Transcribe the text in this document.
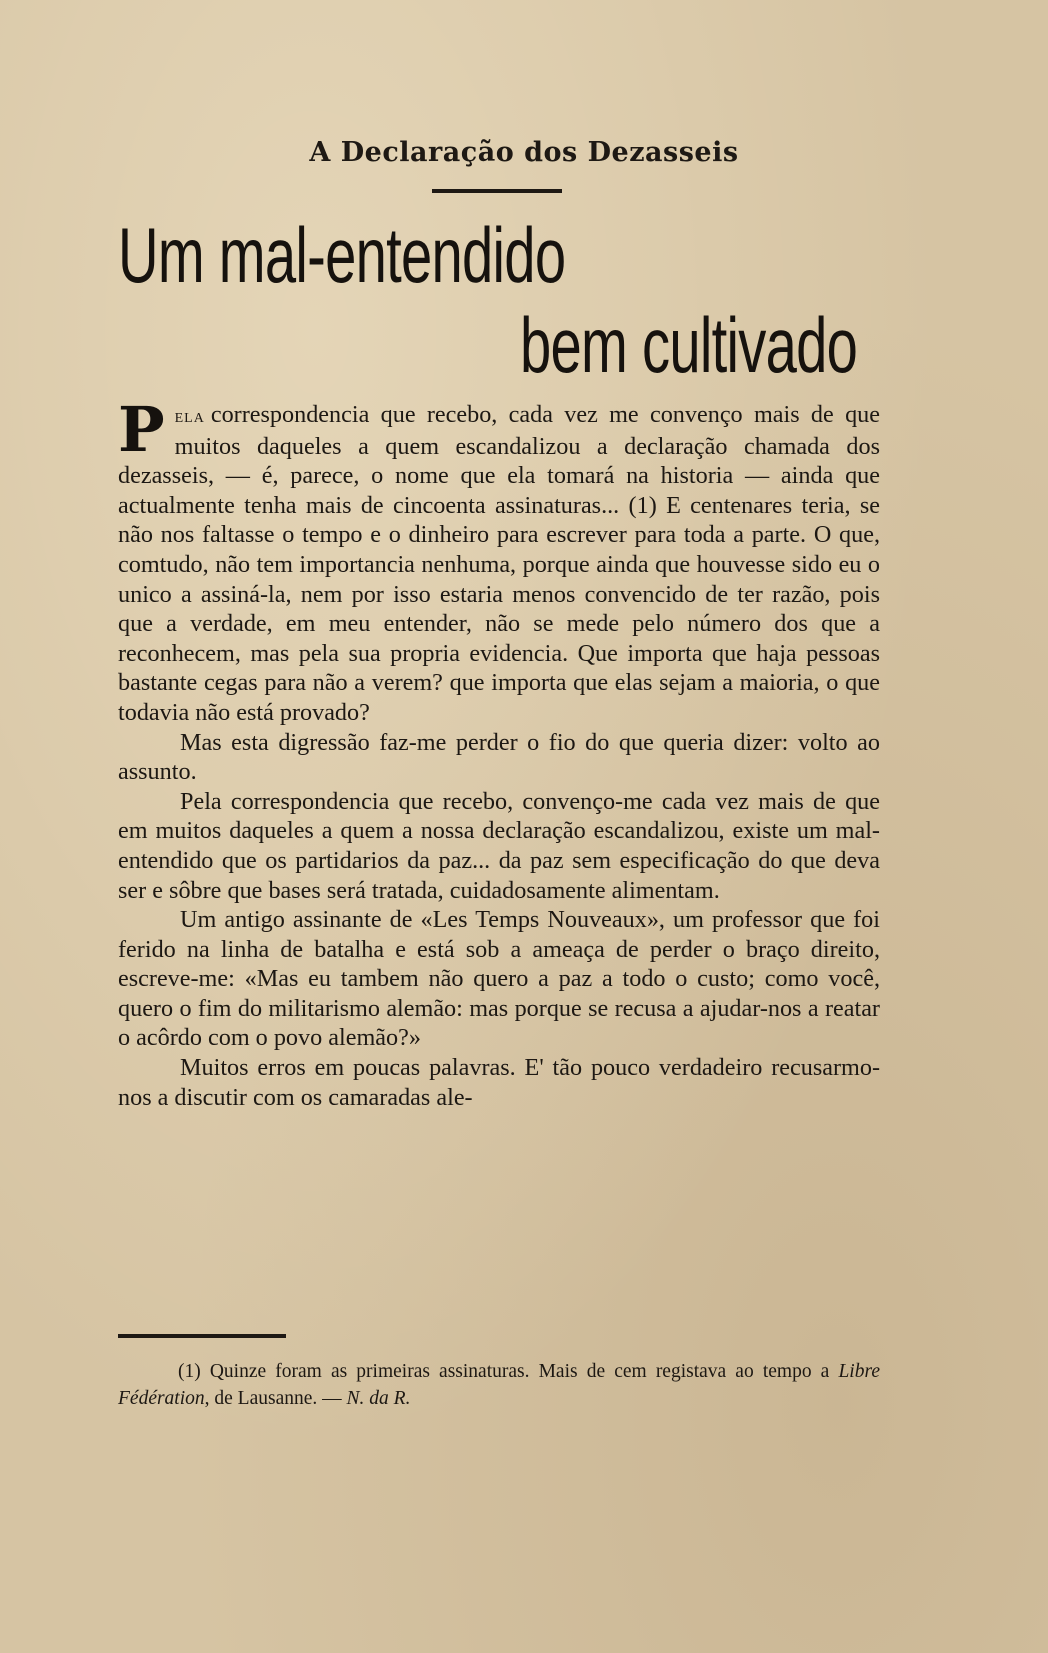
A Declaração dos Dezasseis
Um mal-entendido
bem cultivado

Pela correspondencia que recebo, cada vez me convenço mais de que muitos daqueles a quem escandalizou a declaração chamada dos dezasseis, — é, parece, o nome que ela tomará na historia — ainda que actualmente tenha mais de cincoenta assinaturas... (1) E centenares teria, se não nos faltasse o tempo e o dinheiro para escrever para toda a parte. O que, comtudo, não tem importancia nenhuma, porque ainda que houvesse sido eu o unico a assiná-la, nem por isso estaria menos convencido de ter razão, pois que a verdade, em meu entender, não se mede pelo número dos que a reconhecem, mas pela sua propria evidencia. Que importa que haja pessoas bastante cegas para não a verem? que importa que elas sejam a maioria, o que todavia não está provado?

Mas esta digressão faz-me perder o fio do que queria dizer: volto ao assunto.

Pela correspondencia que recebo, convenço-me cada vez mais de que em muitos daqueles a quem a nossa declaração escandalizou, existe um mal-entendido que os partidarios da paz... da paz sem especificação do que deva ser e sôbre que bases será tratada, cuidadosamente alimentam.

Um antigo assinante de «Les Temps Nouveaux», um professor que foi ferido na linha de batalha e está sob a ameaça de perder o braço direito, escreve-me: «Mas eu tambem não quero a paz a todo o custo; como você, quero o fim do militarismo alemão: mas porque se recusa a ajudar-nos a reatar o acôrdo com o povo alemão?»

Muitos erros em poucas palavras. E' tão pouco verdadeiro recusarmo-nos a discutir com os camaradas ale-

(1) Quinze foram as primeiras assinaturas. Mais de cem registava ao tempo a Libre Fédération, de Lausanne. — N. da R.
